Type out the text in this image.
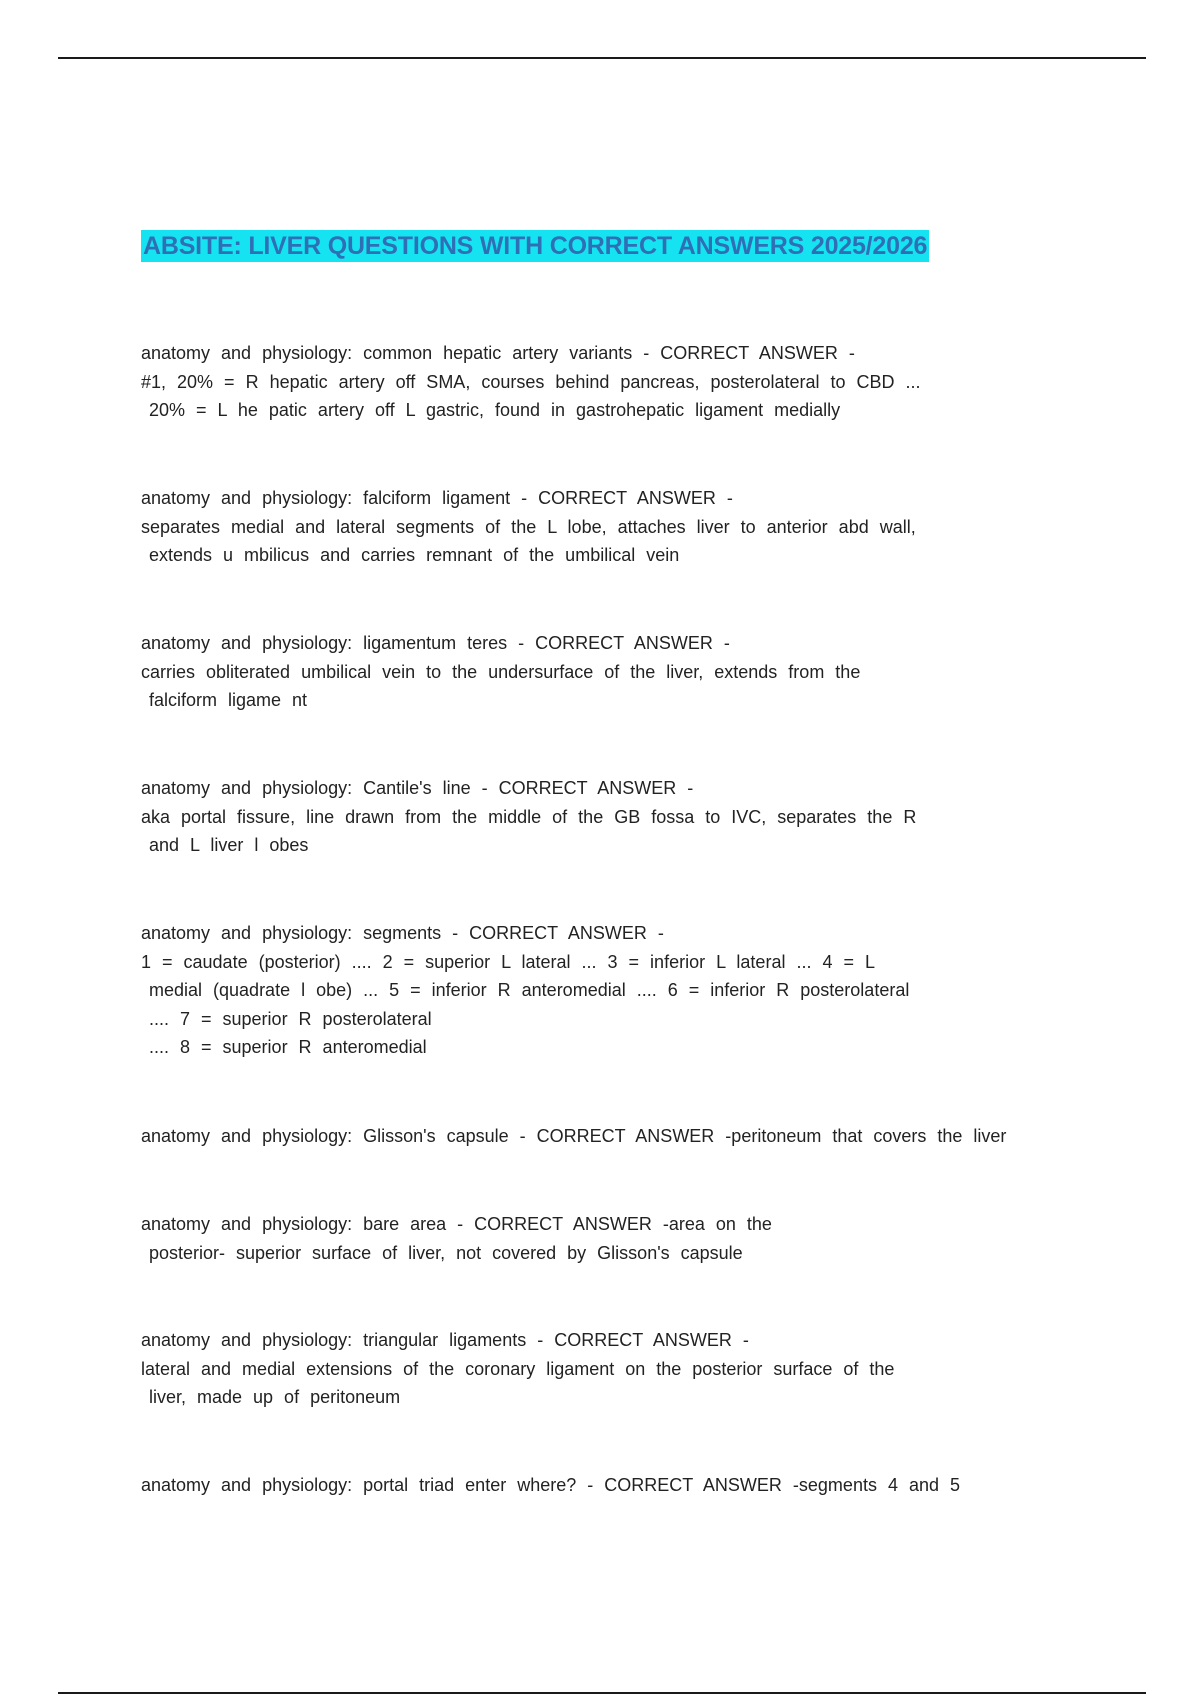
ABSITE: LIVER QUESTIONS WITH CORRECT ANSWERS 2025/2026
anatomy and physiology: common hepatic artery variants - CORRECT ANSWER -
#1, 20% = R hepatic artery off SMA, courses behind pancreas, posterolateral to CBD ...
20% = L he patic artery off L gastric, found in gastrohepatic ligament medially
anatomy and physiology: falciform ligament - CORRECT ANSWER -
separates medial and lateral segments of the L lobe, attaches liver to anterior abd wall,
extends u mbilicus and carries remnant of the umbilical vein
anatomy and physiology: ligamentum teres - CORRECT ANSWER -
carries obliterated umbilical vein to the undersurface of the liver, extends from the
falciform ligame nt
anatomy and physiology: Cantile's line - CORRECT ANSWER -
aka portal fissure, line drawn from the middle of the GB fossa to IVC, separates the R
and L liver l obes
anatomy and physiology: segments - CORRECT ANSWER -
1 = caudate (posterior) .... 2 = superior L lateral ... 3 = inferior L lateral ... 4 = L
medial (quadrate l obe) ... 5 = inferior R anteromedial .... 6 = inferior R posterolateral
.... 7 = superior R posterolateral
.... 8 = superior R anteromedial
anatomy and physiology: Glisson's capsule - CORRECT ANSWER -peritoneum that covers the liver
anatomy and physiology: bare area - CORRECT ANSWER -area on the
posterior- superior surface of liver, not covered by Glisson's capsule
anatomy and physiology: triangular ligaments - CORRECT ANSWER -
lateral and medial extensions of the coronary ligament on the posterior surface of the
liver, made up of peritoneum
anatomy and physiology: portal triad enter where? - CORRECT ANSWER -segments 4 and 5
